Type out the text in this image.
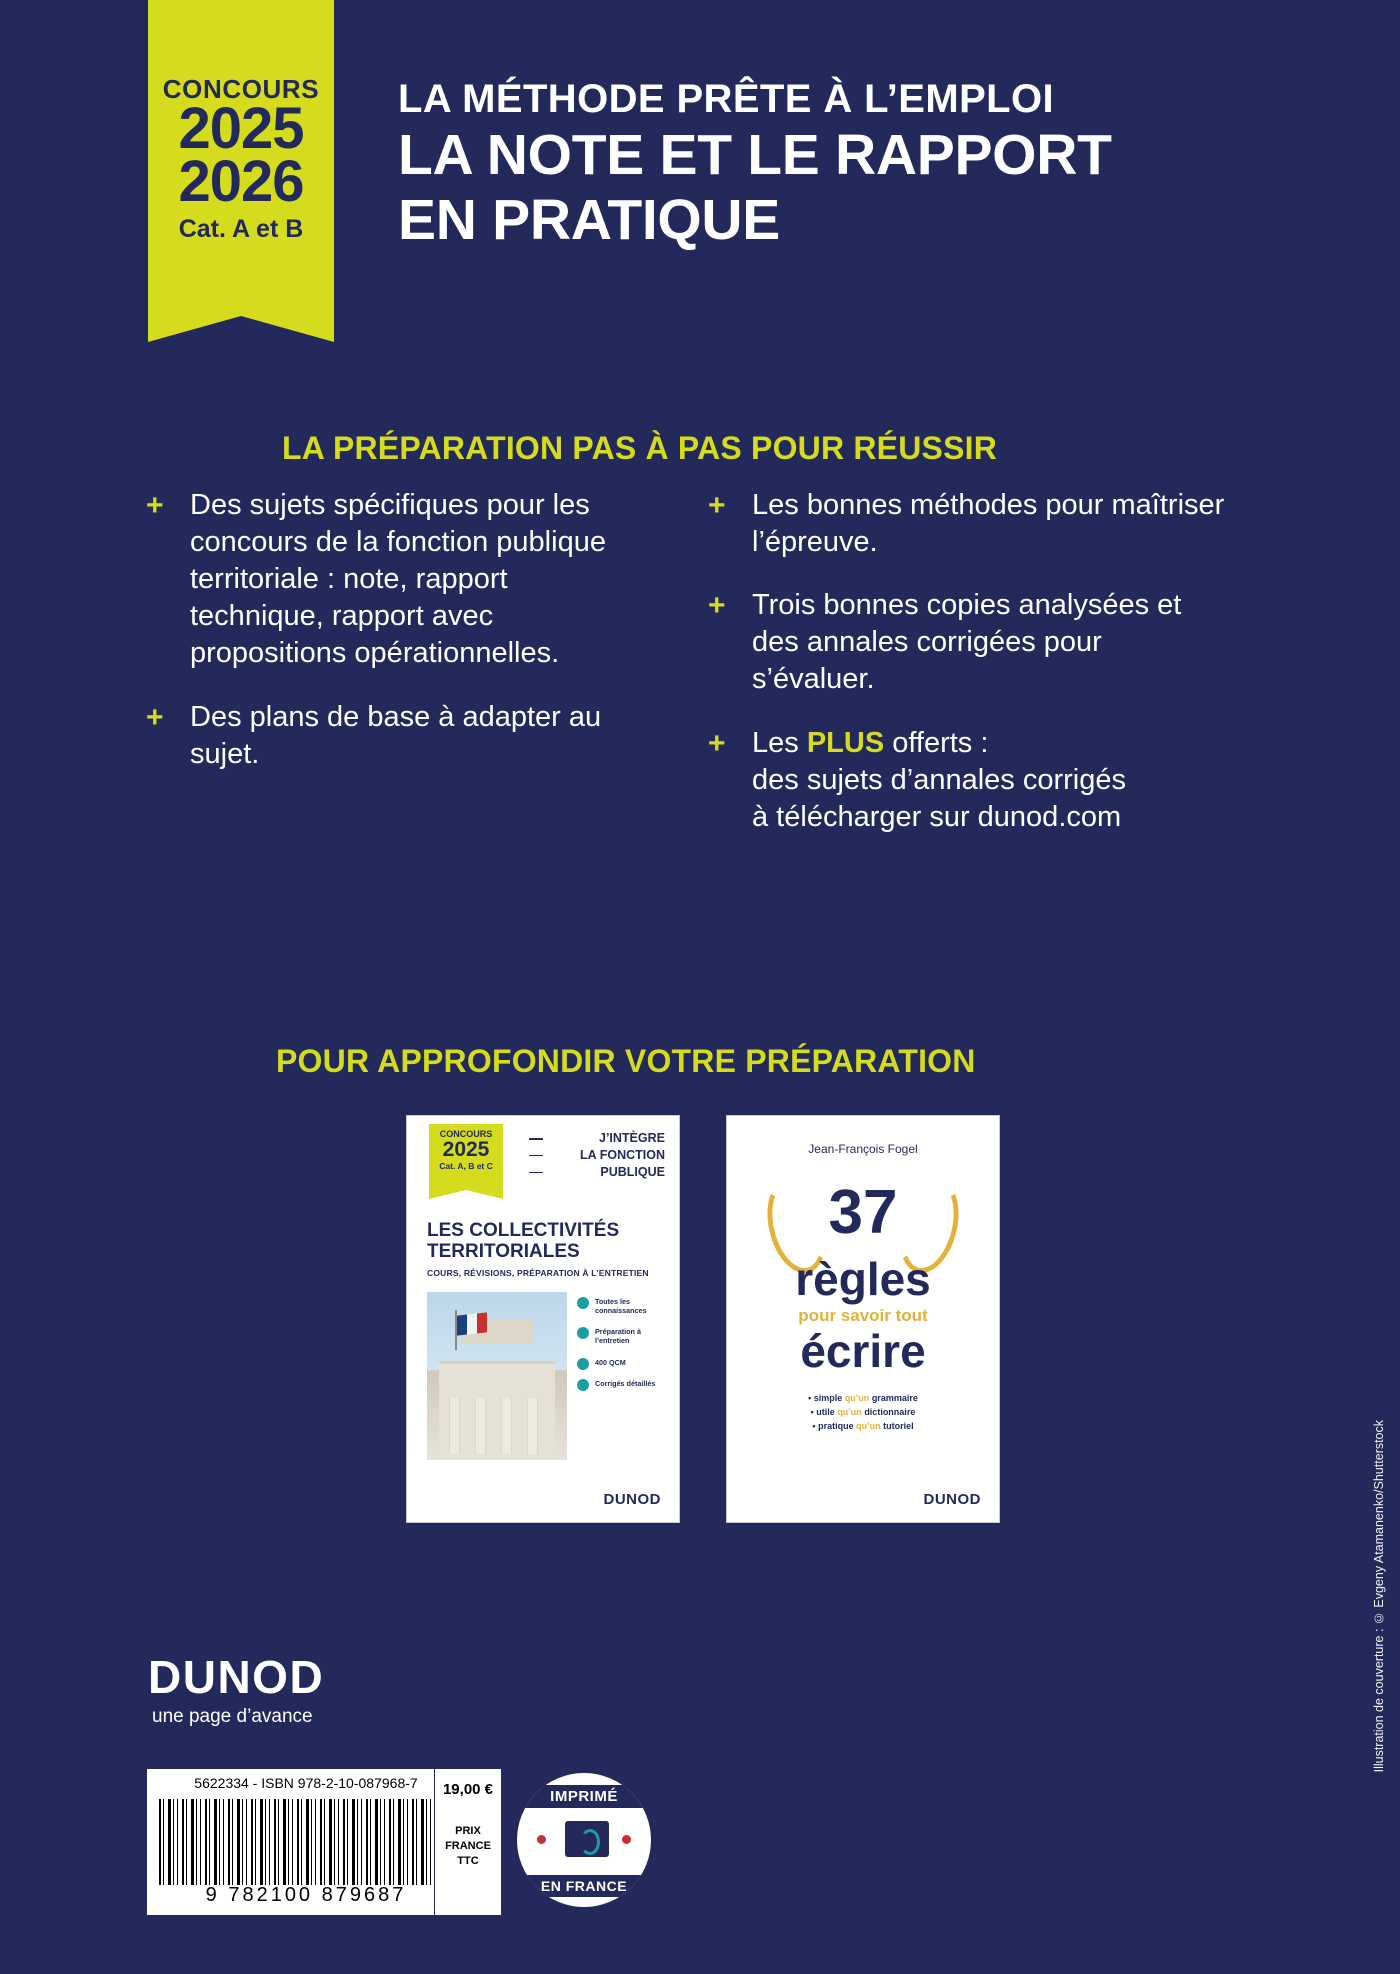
CONCOURS
2025
2026
Cat. A et B
LA MÉTHODE PRÊTE À L’EMPLOI
LA NOTE ET LE RAPPORT
EN PRATIQUE
LA PRÉPARATION PAS À PAS POUR RÉUSSIR
+ Des sujets spécifiques pour les concours de la fonction publique territoriale : note, rapport technique, rapport avec propositions opérationnelles.
+ Des plans de base à adapter au sujet.
+ Les bonnes méthodes pour maîtriser l’épreuve.
+ Trois bonnes copies analysées et des annales corrigées pour s’évaluer.
+ Les PLUS offerts :
des sujets d’annales corrigés
à télécharger sur dunod.com
POUR APPROFONDIR VOTRE PRÉPARATION
CONCOURS
2025
Cat. A, B et C
J’INTÈGRE
LA FONCTION
PUBLIQUE
LES COLLECTIVITÉS
TERRITORIALES
COURS, RÉVISIONS, PRÉPARATION À L’ENTRETIEN
Toutes les connaissances
Préparation à l’entretien
400 QCM
Corrigés détaillés
DUNOD
Jean-François Fogel
37
règles
pour savoir tout
écrire
• simple qu’un grammaire
• utile qu’un dictionnaire
• pratique qu’un tutoriel
DUNOD
DUNOD
une page d’avance
5622334 - ISBN 978-2-10-087968-7
9 782100 879687
19,00 €
PRIX
FRANCE
TTC
IMPRIMÉ
EN FRANCE
Illustration de couverture : © Evgeny Atamanenko/Shutterstock
